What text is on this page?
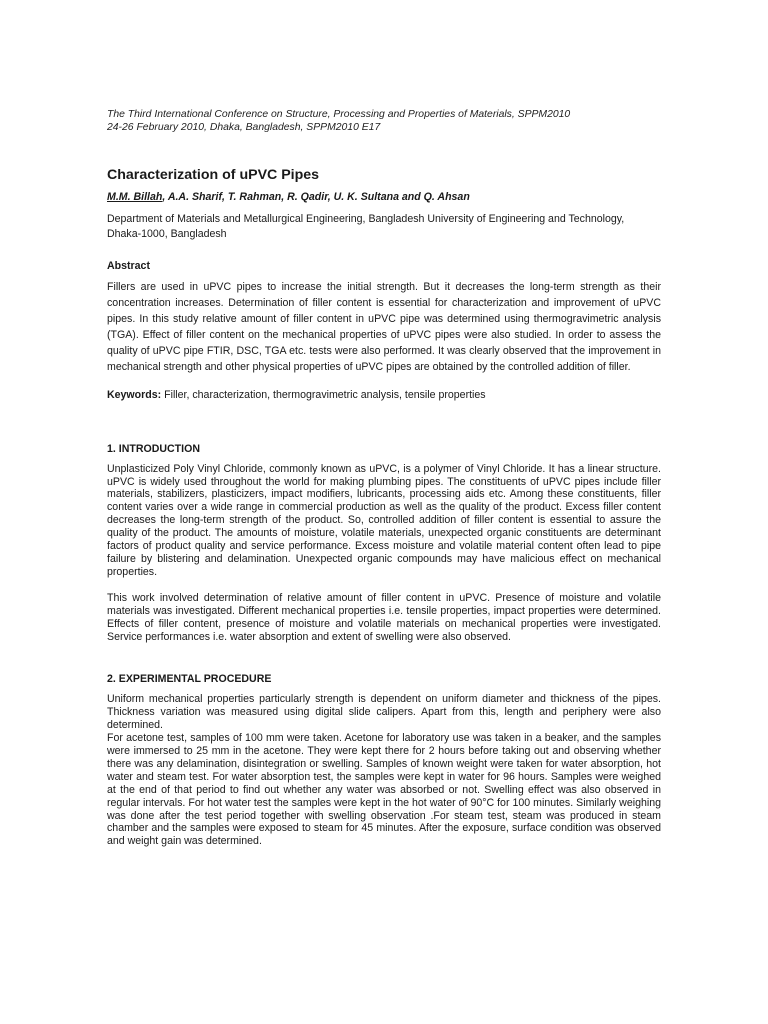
The Third International Conference on Structure, Processing and Properties of Materials, SPPM2010
24-26 February 2010, Dhaka, Bangladesh, SPPM2010 E17
Characterization of uPVC Pipes
M.M. Billah, A.A. Sharif, T. Rahman, R. Qadir, U. K. Sultana and Q. Ahsan
Department of Materials and Metallurgical Engineering, Bangladesh University of Engineering and Technology, Dhaka-1000, Bangladesh
Abstract
Fillers are used in uPVC pipes to increase the initial strength. But it decreases the long-term strength as their concentration increases. Determination of filler content is essential for characterization and improvement of uPVC pipes. In this study relative amount of filler content in uPVC pipe was determined using thermogravimetric analysis (TGA). Effect of filler content on the mechanical properties of uPVC pipes were also studied. In order to assess the quality of uPVC pipe FTIR, DSC, TGA etc. tests were also performed. It was clearly observed that the improvement in mechanical strength and other physical properties of uPVC pipes are obtained by the controlled addition of filler.
Keywords: Filler, characterization, thermogravimetric analysis, tensile properties
1. INTRODUCTION
Unplasticized Poly Vinyl Chloride, commonly known as uPVC, is a polymer of Vinyl Chloride. It has a linear structure. uPVC is widely used throughout the world for making plumbing pipes. The constituents of uPVC pipes include filler materials, stabilizers, plasticizers, impact modifiers, lubricants, processing aids etc. Among these constituents, filler content varies over a wide range in commercial production as well as the quality of the product. Excess filler content decreases the long-term strength of the product. So, controlled addition of filler content is essential to assure the quality of the product. The amounts of moisture, volatile materials, unexpected organic constituents are determinant factors of product quality and service performance. Excess moisture and volatile material content often lead to pipe failure by blistering and delamination. Unexpected organic compounds may have malicious effect on mechanical properties.
This work involved determination of relative amount of filler content in uPVC. Presence of moisture and volatile materials was investigated. Different mechanical properties i.e. tensile properties, impact properties were determined. Effects of filler content, presence of moisture and volatile materials on mechanical properties were investigated. Service performances i.e. water absorption and extent of swelling were also observed.
2. EXPERIMENTAL PROCEDURE
Uniform mechanical properties particularly strength is dependent on uniform diameter and thickness of the pipes. Thickness variation was measured using digital slide calipers. Apart from this, length and periphery were also determined.
For acetone test, samples of 100 mm were taken. Acetone for laboratory use was taken in a beaker, and the samples were immersed to 25 mm in the acetone. They were kept there for 2 hours before taking out and observing whether there was any delamination, disintegration or swelling. Samples of known weight were taken for water absorption, hot water and steam test. For water absorption test, the samples were kept in water for 96 hours. Samples were weighed at the end of that period to find out whether any water was absorbed or not. Swelling effect was also observed in regular intervals. For hot water test the samples were kept in the hot water of 90°C for 100 minutes. Similarly weighing was done after the test period together with swelling observation .For steam test, steam was produced in steam chamber and the samples were exposed to steam for 45 minutes. After the exposure, surface condition was observed and weight gain was determined.
